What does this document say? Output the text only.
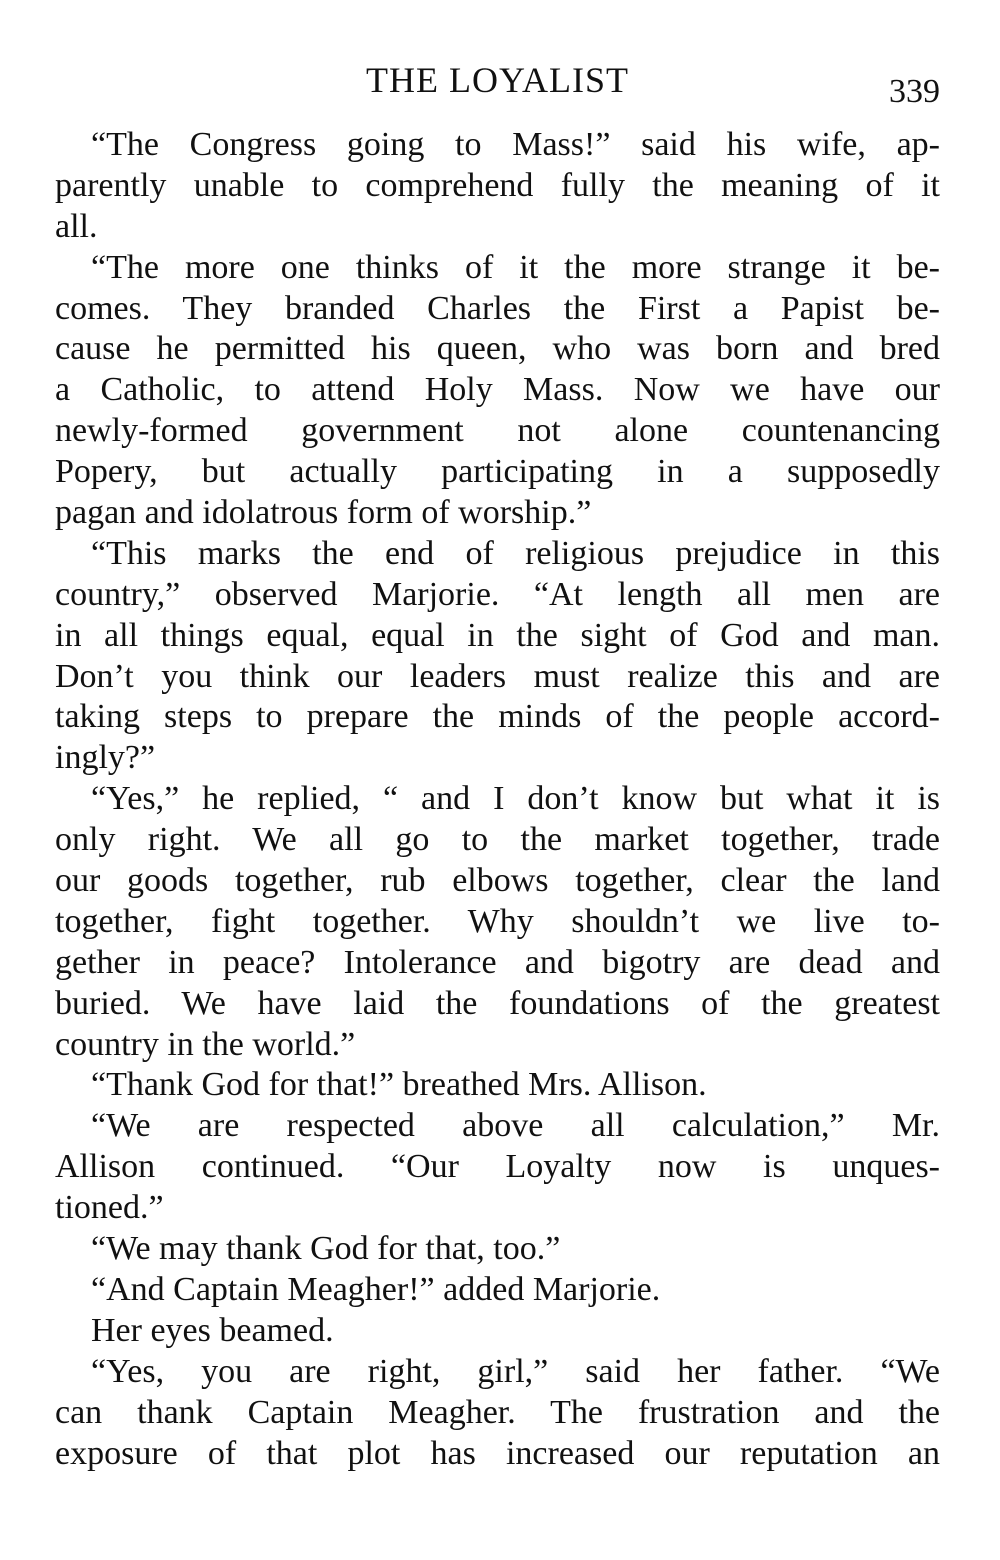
THE LOYALIST	339
“The Congress going to Mass!” said his wife, ap-
parently unable to comprehend fully the meaning of it
all.
“The more one thinks of it the more strange it be-
comes. They branded Charles the First a Papist be-
cause he permitted his queen, who was born and bred
a Catholic, to attend Holy Mass. Now we have our
newly-formed government not alone countenancing
Popery, but actually participating in a supposedly
pagan and idolatrous form of worship.”
“This marks the end of religious prejudice in this
country,” observed Marjorie. “At length all men are
in all things equal, equal in the sight of God and man.
Don’t you think our leaders must realize this and are
taking steps to prepare the minds of the people accord-
ingly?”
“Yes,” he replied, “ and I don’t know but what it is
only right. We all go to the market together, trade
our goods together, rub elbows together, clear the land
together, fight together. Why shouldn’t we live to-
gether in peace? Intolerance and bigotry are dead and
buried. We have laid the foundations of the greatest
country in the world.”
“Thank God for that!” breathed Mrs. Allison.
“We are respected above all calculation,” Mr.
Allison continued. “Our Loyalty now is unques-
tioned.”
“We may thank God for that, too.”
“And Captain Meagher!” added Marjorie.
Her eyes beamed.
“Yes, you are right, girl,” said her father. “We
can thank Captain Meagher. The frustration and the
exposure of that plot has increased our reputation an
